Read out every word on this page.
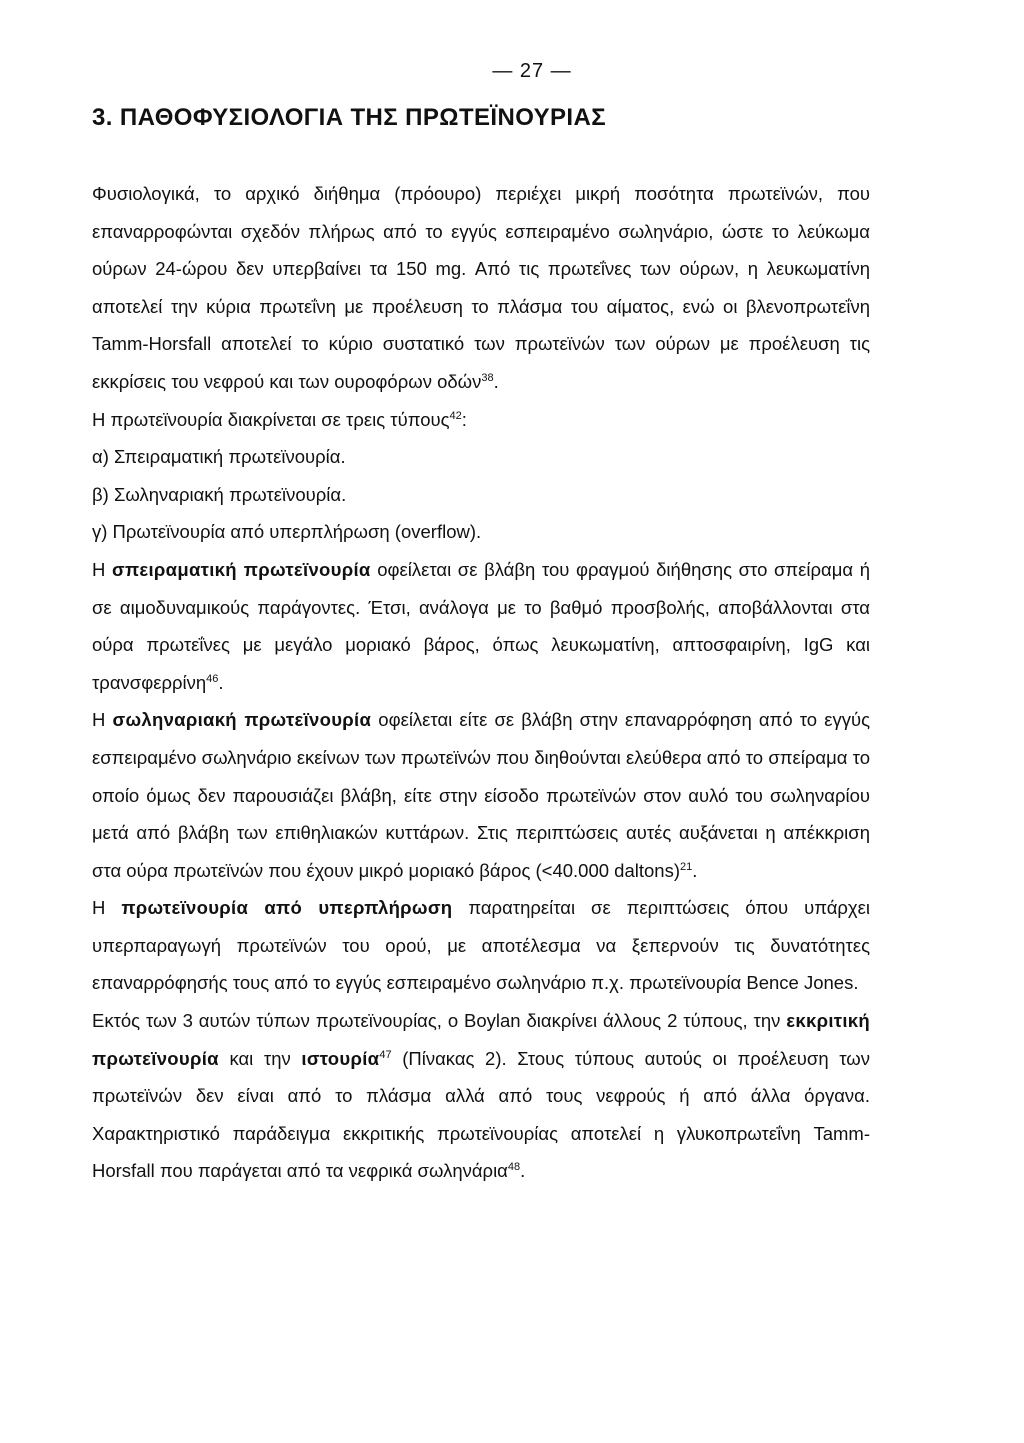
— 27 —
3. ΠΑΘΟΦΥΣΙΟΛΟΓΙΑ ΤΗΣ ΠΡΩΤΕΪΝΟΥΡΙΑΣ

Φυσιολογικά, το αρχικό διήθημα (πρόουρο) περιέχει μικρή ποσότητα πρωτεϊνών, που επαναρροφώνται σχεδόν πλήρως από το εγγύς εσπειραμένο σωληνάριο, ώστε το λεύκωμα ούρων 24-ώρου δεν υπερβαίνει τα 150 mg. Από τις πρωτεΐνες των ούρων, η λευκωματίνη αποτελεί την κύρια πρωτεΐνη με προέλευση το πλάσμα του αίματος, ενώ οι βλενοπρωτεΐνη Tamm-Horsfall αποτελεί το κύριο συστατικό των πρωτεϊνών των ούρων με προέλευση τις εκκρίσεις του νεφρού και των ουροφόρων οδών$^{38}$.

Η πρωτεϊνουρία διακρίνεται σε τρεις τύπους$^{42}$:

α) Σπειραματική πρωτεϊνουρία.

β) Σωληναριακή πρωτεϊνουρία.

γ) Πρωτεϊνουρία από υπερπλήρωση (overflow).

Η σπειραματική πρωτεϊνουρία οφείλεται σε βλάβη του φραγμού διήθησης στο σπείραμα ή σε αιμοδυναμικούς παράγοντες. Έτσι, ανάλογα με το βαθμό προσβολής, αποβάλλονται στα ούρα πρωτεΐνες με μεγάλο μοριακό βάρος, όπως λευκωματίνη, απτοσφαιρίνη, IgG και τρανσφερρίνη$^{46}$.

Η σωληναριακή πρωτεϊνουρία οφείλεται είτε σε βλάβη στην επαναρρόφηση από το εγγύς εσπειραμένο σωληνάριο εκείνων των πρωτεϊνών που διηθούνται ελεύθερα από το σπείραμα το οποίο όμως δεν παρουσιάζει βλάβη, είτε στην είσοδο πρωτεϊνών στον αυλό του σωληναρίου μετά από βλάβη των επιθηλιακών κυττάρων. Στις περιπτώσεις αυτές αυξάνεται η απέκκριση στα ούρα πρωτεϊνών που έχουν μικρό μοριακό βάρος (<40.000 daltons)$^{21}$.

Η πρωτεϊνουρία από υπερπλήρωση παρατηρείται σε περιπτώσεις όπου υπάρχει υπερπαραγωγή πρωτεϊνών του ορού, με αποτέλεσμα να ξεπερνούν τις δυνατότητες επαναρρόφησής τους από το εγγύς εσπειραμένο σωληνάριο π.χ. πρωτεϊνουρία Bence Jones.

Εκτός των 3 αυτών τύπων πρωτεϊνουρίας, ο Boylan διακρίνει άλλους 2 τύπους, την εκκριτική πρωτεϊνουρία και την ιστουρία$^{47}$ (Πίνακας 2). Στους τύπους αυτούς οι προέλευση των πρωτεϊνών δεν είναι από το πλάσμα αλλά από τους νεφρούς ή από άλλα όργανα. Χαρακτηριστικό παράδειγμα εκκριτικής πρωτεϊνουρίας αποτελεί η γλυκοπρωτεΐνη Tamm-Horsfall που παράγεται από τα νεφρικά σωληνάρια$^{48}$.
